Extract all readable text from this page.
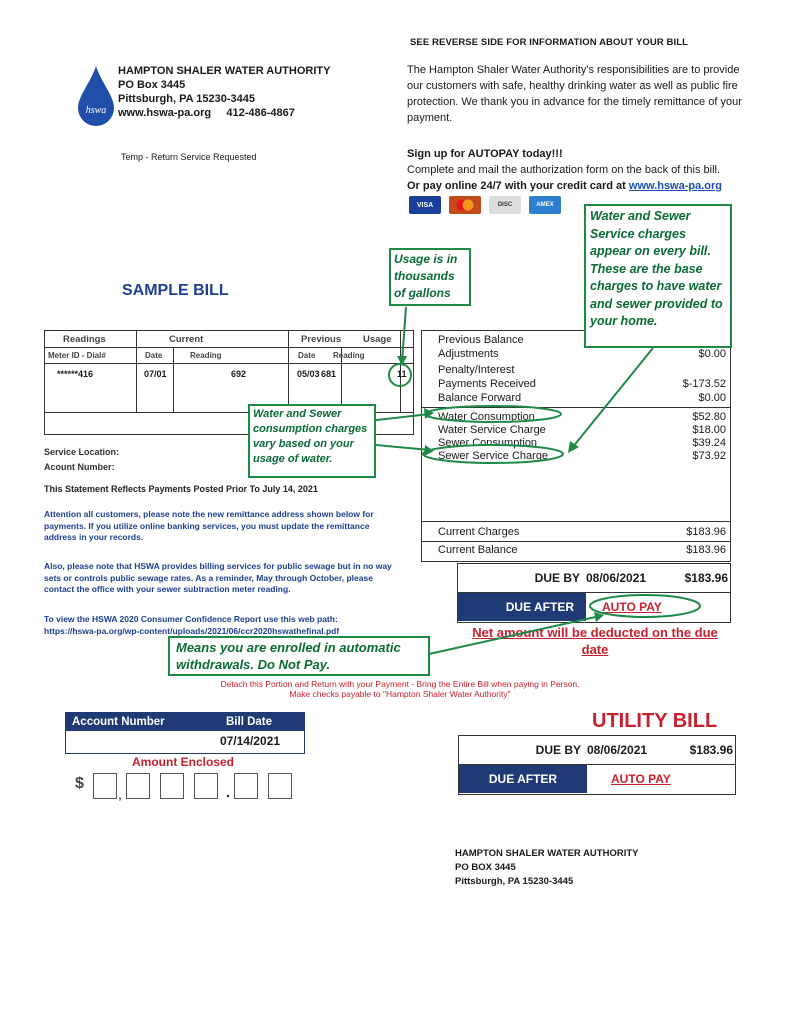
hswa
HAMPTON SHALER WATER AUTHORITY
PO Box 3445
Pittsburgh, PA 15230-3445
www.hswa-pa.org 412-486-4867
Temp - Return Service Requested
SEE REVERSE SIDE FOR INFORMATION ABOUT YOUR BILL
The Hampton Shaler Water Authority's responsibilities are to provide our customers with safe, healthy drinking water as well as public fire protection. We thank you in advance for the timely remittance of your payment.
Sign up for AUTOPAY today!!!
Complete and mail the authorization form on the back of this bill.
Or pay online 24/7 with your credit card at www.hswa-pa.org
VISA	DISC	AMEX
SAMPLE BILL
Readings	Current	Previous Usage
Meter ID - Dial#	Date	Reading	Date Reading
******416	07/01	692	05/03 681	11
Previous Balance
Adjustments	$0.00
Penalty/Interest
Payments Received	$-173.52
Balance Forward	$0.00
Water Consumption	$52.80
Water Service Charge	$18.00
Sewer Consumption	$39.24
Sewer Service Charge	$73.92
Current Charges	$183.96
Current Balance	$183.96
DUE BY 08/06/2021	$183.96
DUE AFTER	AUTO PAY
Net amount will be deducted on the due date
Service Location:
Acount Number:
This Statement Reflects Payments Posted Prior To July 14, 2021
Attention all customers, please note the new remittance address shown below for payments. If you utilize online banking services, you must update the remittance address in your records.
Also, please note that HSWA provides billing services for public sewage but in no way sets or controls public sewage rates. As a reminder, May through October, please contact the office with your sewer subtraction meter reading.
To view the HSWA 2020 Consumer Confidence Report use this web path:
https://hswa-pa.org/wp-content/uploads/2021/06/ccr2020hswathefinal.pdf
Detach this Portion and Return with your Payment - Bring the Entire Bill when paying in Person.
Make checks payable to "Hampton Shaler Water Authority"
Account Number	Bill Date
07/14/2021
Amount Enclosed
$
,	.
UTILITY BILL
DUE BY 08/06/2021	$183.96
DUE AFTER	AUTO PAY
HAMPTON SHALER WATER AUTHORITY
PO BOX 3445
Pittsburgh, PA 15230-3445
Usage is in thousands of gallons
Water and Sewer Service charges appear on every bill. These are the base charges to have water and sewer provided to your home.
Water and Sewer consumption charges vary based on your usage of water.
Means you are enrolled in automatic withdrawals. Do Not Pay.
